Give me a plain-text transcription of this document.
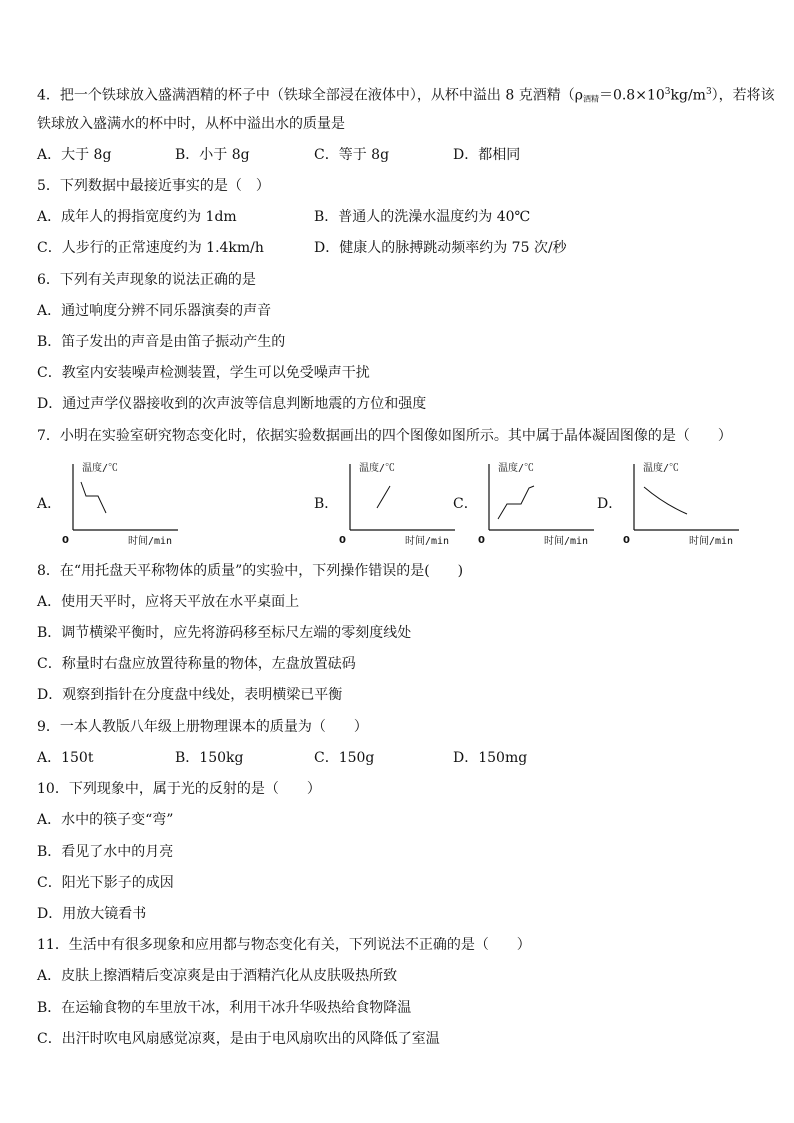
4．把一个铁球放入盛满酒精的杯子中（铁球全部浸在液体中），从杯中溢出 8 克酒精$(\rho_{酒精}=0.8\times 10^3kg/m^3)$，若将该
铁球放入盛满水的杯中时，从杯中溢出水的质量是
A．大于 8g	B．小于 8g	C．等于 8g	D．都相同
5．下列数据中最接近事实的是（　）
A．成年人的拇指宽度约为 1dm	B．普通人的洗澡水温度约为 40℃
C．人步行的正常速度约为 1.4km/h	D．健康人的脉搏跳动频率约为 75 次/秒
6．下列有关声现象的说法正确的是
A．通过响度分辨不同乐器演奏的声音
B．笛子发出的声音是由笛子振动产生的
C．教室内安装噪声检测装置，学生可以免受噪声干扰
D．通过声学仪器接收到的次声波等信息判断地震的方位和强度
7．小明在实验室研究物态变化时，依据实验数据画出的四个图像如图所示。其中属于晶体凝固图像的是（　　）
A．	B．	C．	D．
温度/℃
时间/min
0
温度/℃
时间/min
0
温度/℃
时间/min
0
温度/℃
时间/min
0
8．在“用托盘天平称物体的质量”的实验中，下列操作错误的是(　　)
A．使用天平时，应将天平放在水平桌面上
B．调节横梁平衡时，应先将游码移至标尺左端的零刻度线处
C．称量时右盘应放置待称量的物体，左盘放置砝码
D．观察到指针在分度盘中线处，表明横梁已平衡
9．一本人教版八年级上册物理课本的质量为（　　）
A．150t	B．150kg	C．150g	D．150mg
10．下列现象中，属于光的反射的是（　　）
A．水中的筷子变“弯”
B．看见了水中的月亮
C．阳光下影子的成因
D．用放大镜看书
11．生活中有很多现象和应用都与物态变化有关，下列说法不正确的是（　　）
A．皮肤上擦酒精后变凉爽是由于酒精汽化从皮肤吸热所致
B．在运输食物的车里放干冰，利用干冰升华吸热给食物降温
C．出汗时吹电风扇感觉凉爽，是由于电风扇吹出的风降低了室温
